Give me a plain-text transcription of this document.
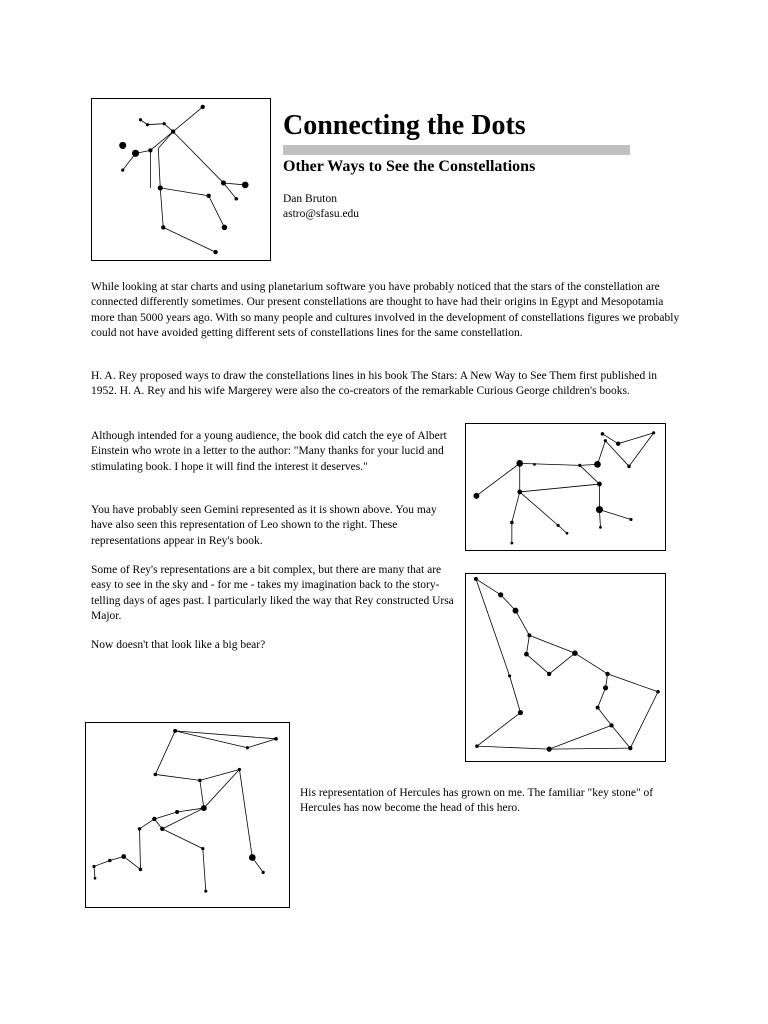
Connecting the Dots
Other Ways to See the Constellations
Dan Bruton
astro@sfasu.edu

While looking at star charts and using planetarium software you have probably noticed that the stars of the constellation are connected differently sometimes. Our present constellations are thought to have had their origins in Egypt and Mesopotamia more than 5000 years ago. With so many people and cultures involved in the development of constellations figures we probably could not have avoided getting different sets of constellations lines for the same constellation.

H. A. Rey proposed ways to draw the constellations lines in his book The Stars: A New Way to See Them first published in 1952. H. A. Rey and his wife Margerey were also the co-creators of the remarkable Curious George children's books.

Although intended for a young audience, the book did catch the eye of Albert Einstein who wrote in a letter to the author: "Many thanks for your lucid and stimulating book. I hope it will find the interest it deserves."

You have probably seen Gemini represented as it is shown above. You may have also seen this representation of Leo shown to the right. These representations appear in Rey's book.

Some of Rey's representations are a bit complex, but there are many that are easy to see in the sky and - for me - takes my imagination back to the story-telling days of ages past. I particularly liked the way that Rey constructed Ursa Major.

Now doesn't that look like a big bear?

His representation of Hercules has grown on me. The familiar "key stone" of Hercules has now become the head of this hero.
